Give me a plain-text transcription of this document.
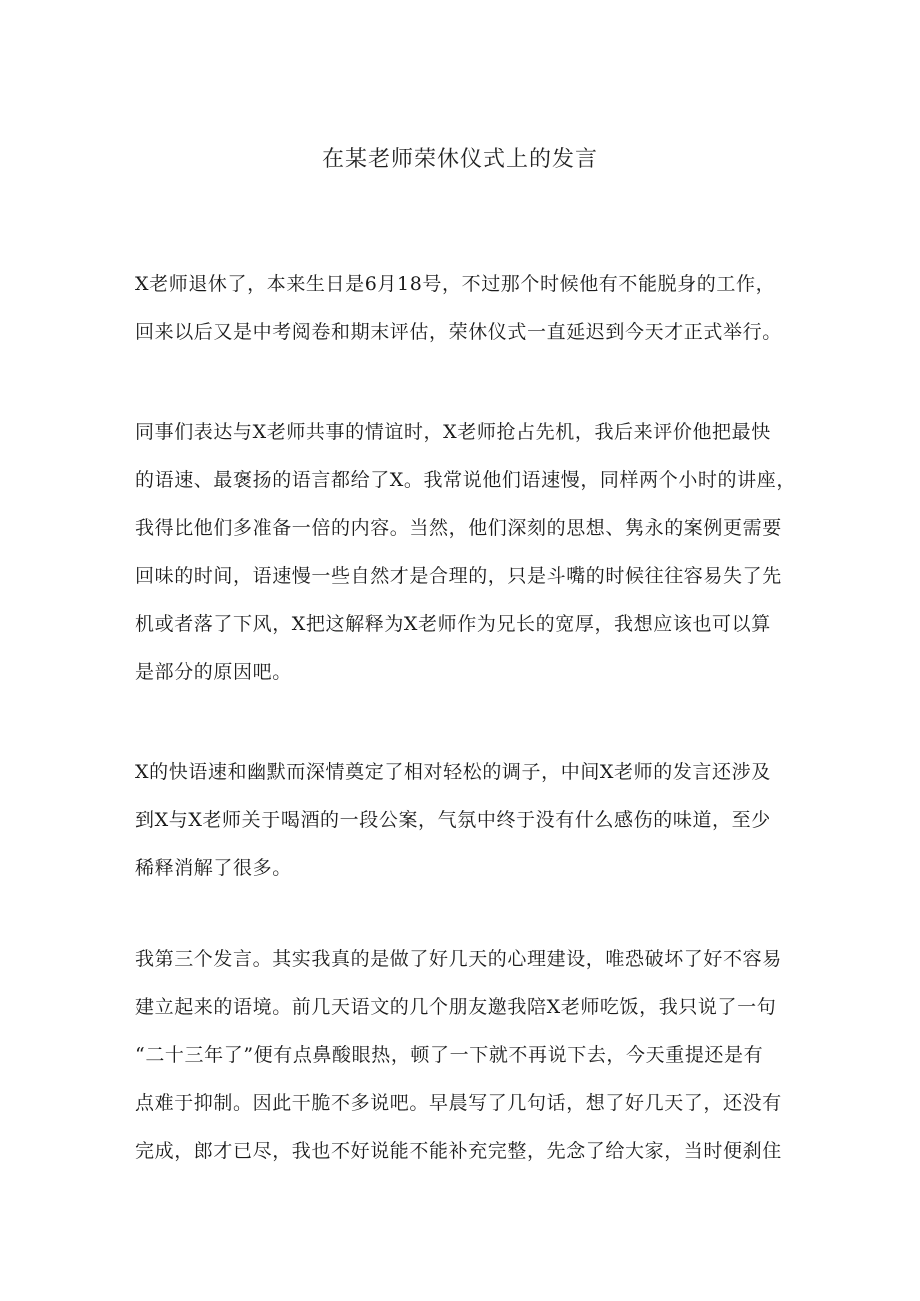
在某老师荣休仪式上的发言

X老师退休了，本来生日是6月18号，不过那个时候他有不能脱身的工作，
回来以后又是中考阅卷和期末评估，荣休仪式一直延迟到今天才正式举行。

同事们表达与X老师共事的情谊时，X老师抢占先机，我后来评价他把最快
的语速、最褒扬的语言都给了X。我常说他们语速慢，同样两个小时的讲座，
我得比他们多准备一倍的内容。当然，他们深刻的思想、隽永的案例更需要
回味的时间，语速慢一些自然才是合理的，只是斗嘴的时候往往容易失了先
机或者落了下风，X把这解释为X老师作为兄长的宽厚，我想应该也可以算
是部分的原因吧。

X的快语速和幽默而深情奠定了相对轻松的调子，中间X老师的发言还涉及
到X与X老师关于喝酒的一段公案，气氛中终于没有什么感伤的味道，至少
稀释消解了很多。

我第三个发言。其实我真的是做了好几天的心理建设，唯恐破坏了好不容易
建立起来的语境。前几天语文的几个朋友邀我陪X老师吃饭，我只说了一句
“二十三年了”便有点鼻酸眼热，顿了一下就不再说下去，今天重提还是有
点难于抑制。因此干脆不多说吧。早晨写了几句话，想了好几天了，还没有
完成，郎才已尽，我也不好说能不能补充完整，先念了给大家，当时便刹住
